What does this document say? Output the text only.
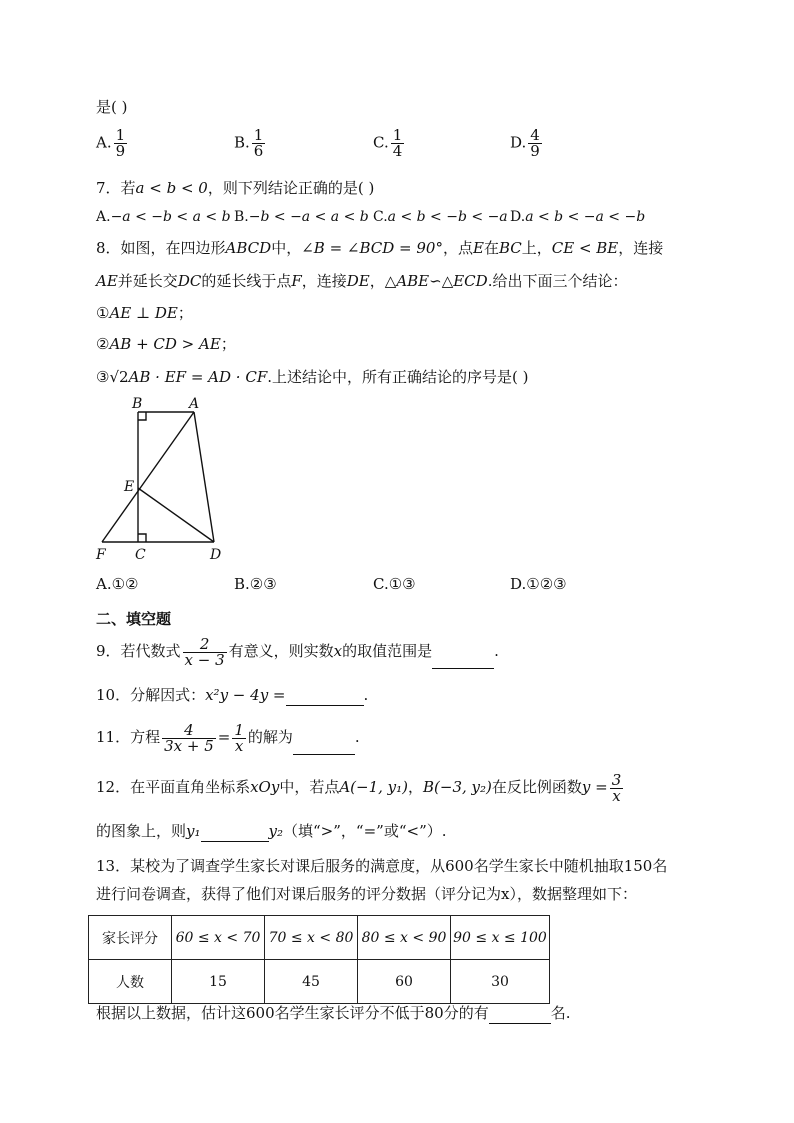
是( )
A. $\frac{1}{9}$	B. $\frac{1}{6}$	C. $\frac{1}{4}$	D. $\frac{4}{9}$
7．若a < b < 0，则下列结论正确的是( )
A.−a < −b < a < b B.−b < −a < a < b C.a < b < −b < −a D.a < b < −a < −b
8．如图，在四边形ABCD中，∠B = ∠BCD = 90°，点E在BC上，CE < BE，连接
AE并延长交DC的延长线于点F，连接DE，△ABE∽△ECD.给出下面三个结论：
①AE ⊥ DE；
②AB + CD > AE；
③√2AB · EF = AD · CF.上述结论中，所有正确结论的序号是( )
B	A
E
F C	D
A.①②	B.②③	C.①③	D.①②③
二、填空题
9．若代数式 $\frac{2}{x - 3}$ 有意义，则实数x的取值范围是	.
10．分解因式：x²y − 4y =	.
11．方程 $\frac{4}{3x + 5} = \frac{1}{x}$ 的解为	.
12．在平面直角坐标系xOy中，若点A(−1, y₁)，B(−3, y₂)在反比例函数$y = \frac{3}{x}$
的图象上，则y₁	y₂（填“>”，“=”或“<”）.
13．某校为了调查学生家长对课后服务的满意度，从600名学生家长中随机抽取150名
进行问卷调查，获得了他们对课后服务的评分数据（评分记为x），数据整理如下：
家长评分	60 ≤ x < 70	70 ≤ x < 80	80 ≤ x < 90	90 ≤ x ≤ 100
人数	15	45	60	30
根据以上数据，估计这600名学生家长评分不低于80分的有	名.
